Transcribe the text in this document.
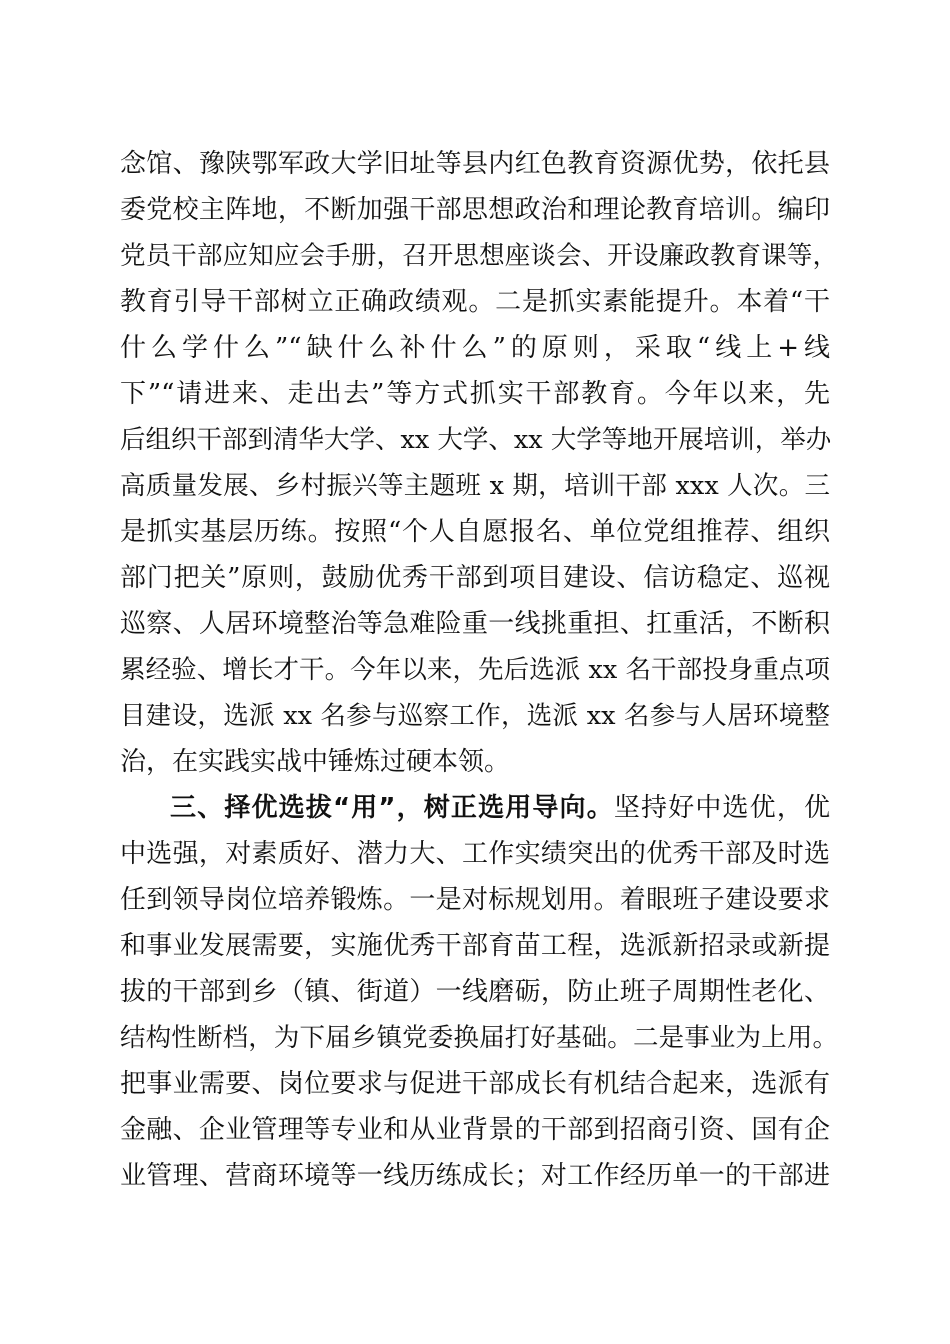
念馆、豫陕鄂军政大学旧址等县内红色教育资源优势，依托县
委党校主阵地，不断加强干部思想政治和理论教育培训。编印
党员干部应知应会手册，召开思想座谈会、开设廉政教育课等，
教育引导干部树立正确政绩观。二是抓实素能提升。本着“干
什么学什么”“缺什么补什么”的原则，采取“线上+线
下”“请进来、走出去”等方式抓实干部教育。今年以来，先
后组织干部到清华大学、xx 大学、xx 大学等地开展培训，举办
高质量发展、乡村振兴等主题班 x 期，培训干部 xxx 人次。三
是抓实基层历练。按照“个人自愿报名、单位党组推荐、组织
部门把关”原则，鼓励优秀干部到项目建设、信访稳定、巡视
巡察、人居环境整治等急难险重一线挑重担、扛重活，不断积
累经验、增长才干。今年以来，先后选派 xx 名干部投身重点项
目建设，选派 xx 名参与巡察工作，选派 xx 名参与人居环境整
治，在实践实战中锤炼过硬本领。
三、择优选拔“用”，树正选用导向。坚持好中选优，优
中选强，对素质好、潜力大、工作实绩突出的优秀干部及时选
任到领导岗位培养锻炼。一是对标规划用。着眼班子建设要求
和事业发展需要，实施优秀干部育苗工程，选派新招录或新提
拔的干部到乡（镇、街道）一线磨砺，防止班子周期性老化、
结构性断档，为下届乡镇党委换届打好基础。二是事业为上用。
把事业需要、岗位要求与促进干部成长有机结合起来，选派有
金融、企业管理等专业和从业背景的干部到招商引资、国有企
业管理、营商环境等一线历练成长；对工作经历单一的干部进
